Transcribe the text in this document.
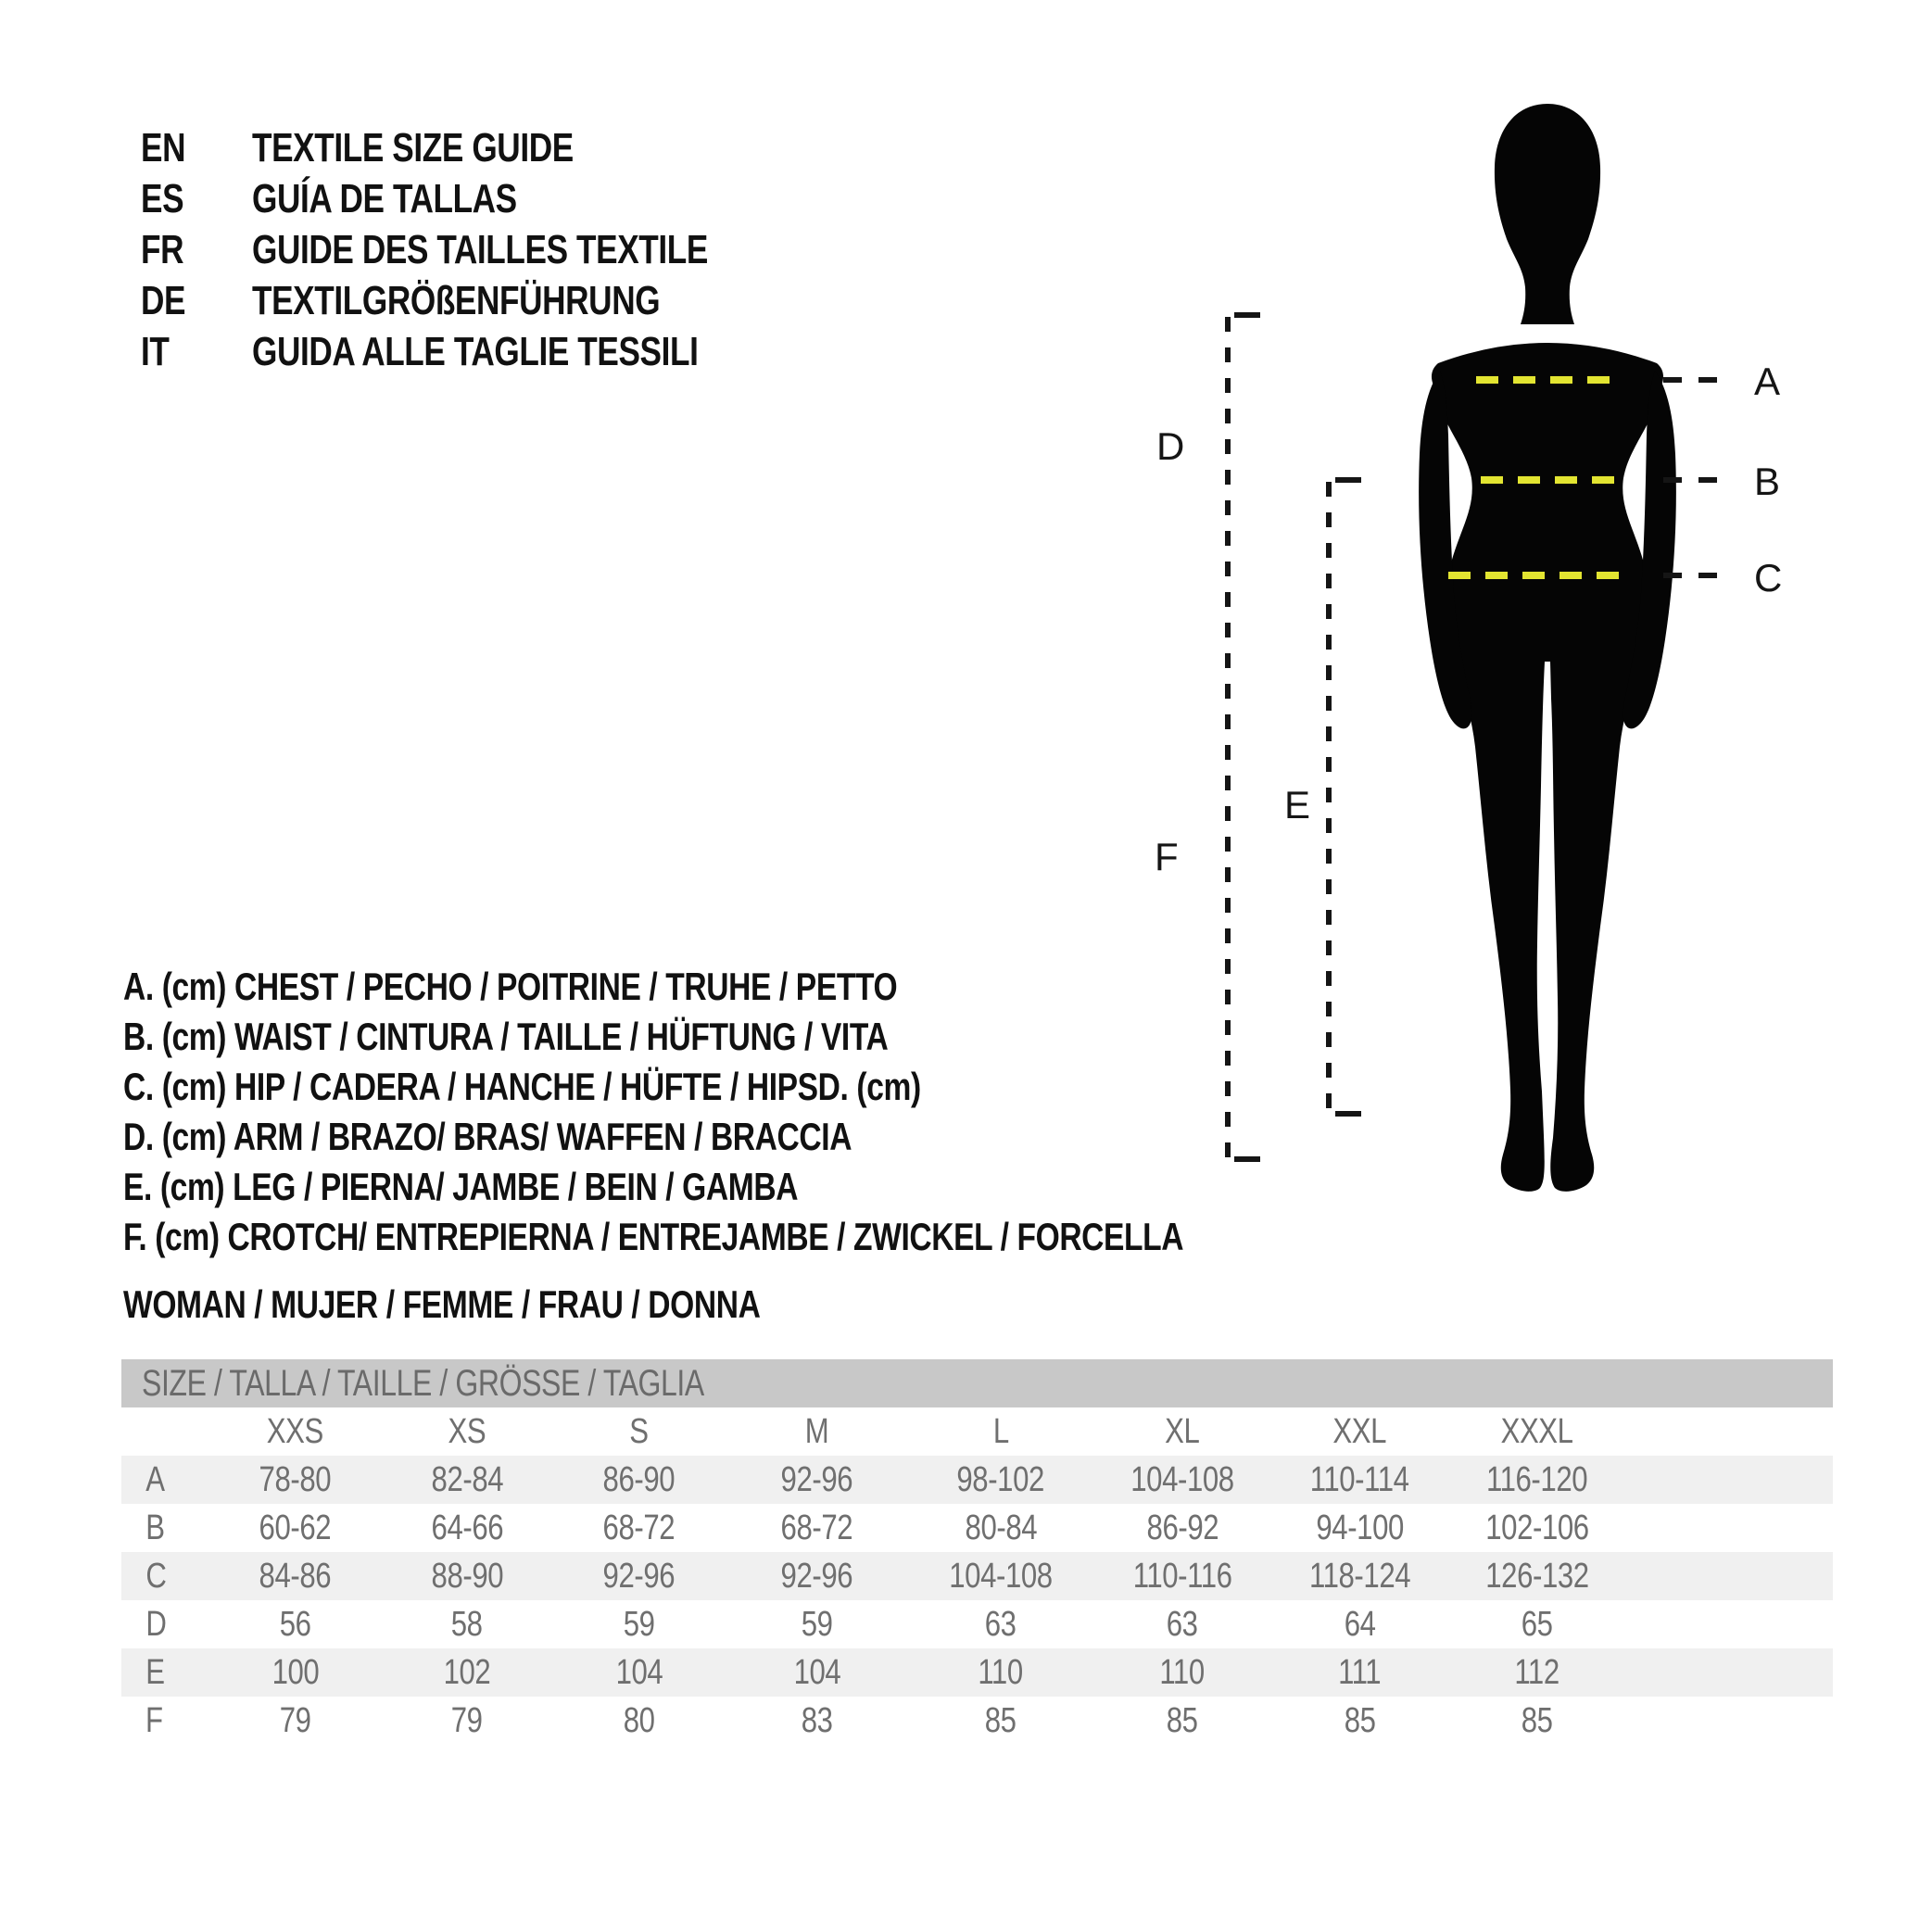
EN TEXTILE SIZE GUIDE
ES GUÍA DE TALLAS
FR GUIDE DES TAILLES TEXTILE
DE TEXTILGRÖßENFÜHRUNG
IT GUIDA ALLE TAGLIE TESSILI
A
B
C
D
E
F
A. (cm) CHEST / PECHO / POITRINE / TRUHE / PETTO
B. (cm) WAIST / CINTURA / TAILLE / HÜFTUNG / VITA
C. (cm) HIP / CADERA / HANCHE / HÜFTE / HIPSD. (cm)
D. (cm) ARM / BRAZO/ BRAS/ WAFFEN / BRACCIA
E. (cm) LEG / PIERNA/ JAMBE / BEIN / GAMBA
F. (cm) CROTCH/ ENTREPIERNA / ENTREJAMBE / ZWICKEL / FORCELLA
WOMAN / MUJER / FEMME / FRAU / DONNA
SIZE / TALLA / TAILLE / GRÖSSE / TAGLIA
XXS	XS	S	M	L	XL	XXL	XXXL
A	78-80	82-84	86-90	92-96	98-102	104-108	110-114	116-120
B	60-62	64-66	68-72	68-72	80-84	86-92	94-100	102-106
C	84-86	88-90	92-96	92-96	104-108	110-116	118-124	126-132
D	56	58	59	59	63	63	64	65
E	100	102	104	104	110	110	111	112
F	79	79	80	83	85	85	85	85
